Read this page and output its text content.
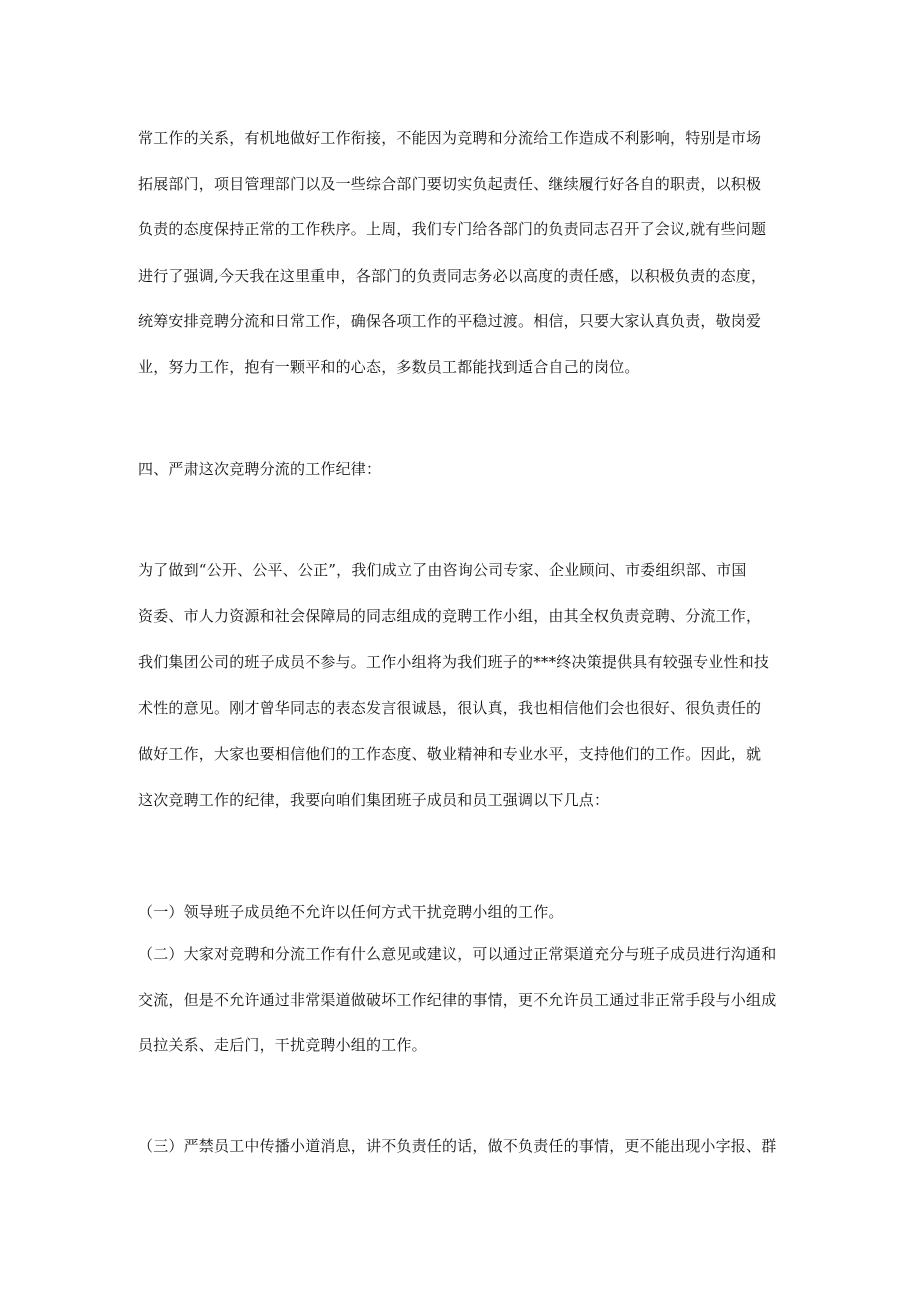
常工作的关系，有机地做好工作衔接，不能因为竞聘和分流给工作造成不利影响，特别是市场
拓展部门，项目管理部门以及一些综合部门要切实负起责任、继续履行好各自的职责，以积极
负责的态度保持正常的工作秩序。上周，我们专门给各部门的负责同志召开了会议,就有些问题
进行了强调,今天我在这里重申，各部门的负责同志务必以高度的责任感，以积极负责的态度，
统筹安排竞聘分流和日常工作，确保各项工作的平稳过渡。相信，只要大家认真负责，敬岗爱
业，努力工作，抱有一颗平和的心态，多数员工都能找到适合自己的岗位。
四、严肃这次竞聘分流的工作纪律：
为了做到“公开、公平、公正”，我们成立了由咨询公司专家、企业顾问、市委组织部、市国
资委、市人力资源和社会保障局的同志组成的竞聘工作小组，由其全权负责竞聘、分流工作，
我们集团公司的班子成员不参与。工作小组将为我们班子的***终决策提供具有较强专业性和技
术性的意见。刚才曾华同志的表态发言很诚恳，很认真，我也相信他们会也很好、很负责任的
做好工作，大家也要相信他们的工作态度、敬业精神和专业水平，支持他们的工作。因此，就
这次竞聘工作的纪律，我要向咱们集团班子成员和员工强调以下几点：
（一）领导班子成员绝不允许以任何方式干扰竞聘小组的工作。
（二）大家对竞聘和分流工作有什么意见或建议，可以通过正常渠道充分与班子成员进行沟通和
交流，但是不允许通过非常渠道做破坏工作纪律的事情，更不允许员工通过非正常手段与小组成
员拉关系、走后门，干扰竞聘小组的工作。
（三）严禁员工中传播小道消息，讲不负责任的话，做不负责任的事情，更不能出现小字报、群
